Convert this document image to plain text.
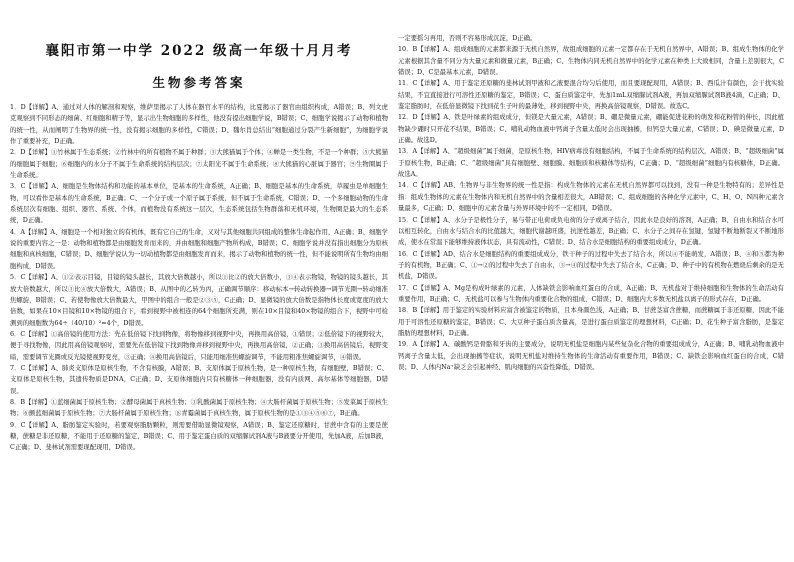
襄阳市第一中学 2022 级高一年级十月月考
生物参考答案

1．D【详解】A、通过对人体的解剖和观察，维萨里揭示了人体在器官水平的结构，比夏揭示了器官由组织构成，A错误；B、列文虎克观察到不同形态的细菌、红细胞和精子等，显示出生物细胞的多样性，他没有提出细胞学说，B错误；C、细胞学说揭示了动物和植物的统一性，从而阐明了生物界的统一性，没有揭示细胞的多样性，C错误；D、魏尔肖总结出“细胞通过分裂产生新细胞”，为细胞学说作了重要补充，D正确。

2．D【详解】①竹林属于生态系统；②竹林中的所有植物不属于种群；③大熊猫属于个体；④蝉是一类生物，不是一个种群；⑤大熊猫的细胞属于细胞；⑥细胞内的水分子不属于生命系统的结构层次；⑦太阳光不属于生命系统；⑧大熊猫的心脏属于器官；⑨生物圈属于生命系统。

3．C【详解】A、细胞是生物体结构和功能的基本单位，是基本的生命系统，A正确；B、细胞是基本的生命系统，草履虫是单细胞生物，可以看作是基本的生命系统，B正确；C、一个分子或一个原子属于系统，但不属于生命系统，C错误；D、一个多细胞动物的生命系统层次有细胞、组织、器官、系统、个体，而植物没有系统这一层次，生态系统包括生物群落和无机环境，生物圈是最大的生态系统，D正确。

4．A【详解】A、细胞是一个相对独立的有机体，既有它自己的生命，又对与其他细胞共同组成的整体生命起作用，A正确；B、细胞学说的重要内容之一是：动物和植物都是由细胞发育而来的，并由细胞和细胞产物所构成，B错误；C、细胞学说并没有指出细胞分为原核细胞和真核细胞，C错误；D、细胞学说认为一切动植物都是由细胞发育而来，揭示了动物和植物的统一性，但不能说明所有生物均由细胞构成，D错误。

5．C【详解】A、①②表示目镜，目镜的镜头越长，其放大倍数越小，所以①比②的放大倍数小，③④表示物镜，物镜的镜头越长，其放大倍数越大，所以③比④放大倍数大，A错误；B、从图中的乙转为丙，正确调节顺序：移动标本→转动转换器→调节光圈→转动细准焦螺旋，B错误；C、若使物像放大倍数最大，甲图中的组合一般是②③⑤，C正确；D、显微镜的放大倍数是指物体长度或宽度的放大倍数，如果在10×目镜和10×物镜的组合下，看到视野中被相连的64个细胞所充满，则在10×目镜和40×物镜的组合下，视野中可检测到的细胞数为64÷（40/10）²=4个，D错误。

6．C【详解】①高倍镜的使用方法：先在低倍镜下找到物像，将物像移到视野中央，再换用高倍镜，①错误；②低倍镜下的视野较大，便于寻找物像，因此用高倍镜观察时，需要先在低倍镜下找到物像并移到视野中央，再换用高倍镜，②正确；③换用高倍镜后，视野变暗，需要调节光圈或反光镜使视野变亮，③正确；④换用高倍镜后，只能用细准焦螺旋调节，不能用粗准焦螺旋调节，④错误。

7．C【详解】A、肺炎支原体是原核生物，不含有核膜，A错误；B、支原体属于原核生物，是一种原核生物，有细胞壁，B错误；C、支原体是原核生物，其遗传物质是DNA，C正确；D、支原体细胞内只有核糖体一种细胞器，没有内质网、高尔基体等细胞器，D错误。

8．B【详解】①蓝细菌属于原核生物；②酵母菌属于真核生物；③乳酸菌属于原核生物；④大肠杆菌属于原核生物；⑤发菜属于原核生物；⑥颤蓝细菌属于原核生物；⑦大肠杆菌属于原核生物；⑧青霉菌属于真核生物，属于原核生物的是①③④⑤⑥⑦，B正确。

9．C【详解】A、脂肪鉴定实验时，若要观察脂肪颗粒，则需要借助显微镜观察，A错误；B、鉴定还原糖时，甘蔗中含有的主要是蔗糖，蔗糖是非还原糖，不能用于还原糖的鉴定，B错误；C、用于鉴定蛋白质的双缩脲试剂A液与B液要分开使用，先加A液，后加B液，C正确；D、斐林试剂需要现配现用，D错误。

一定要摇匀再用，否则不容易形成沉淀，D正确。

10．B【详解】A、组成细胞的元素都来源于无机自然界，故组成细胞的元素一定都存在于无机自然界中，A错误；B、组成生物体的化学元素根据其含量不同分为大量元素和微量元素，B正确；C、生物体内同无机自然界中的化学元素在种类上大致相同，含量上差别很大，C错误；D、C是最基本元素，D错误。

11．C【详解】A、用于鉴定还原糖的斐林试剂甲液和乙液要混合均匀后使用，而且要现配现用，A错误；B、西瓜汁有颜色，会干扰实验结果，不宜直接进行可溶性还原糖的鉴定，B错误；C、蛋白质鉴定中，先加1mL双缩脲试剂A液，再加双缩脲试剂B液4滴，C正确；D、鉴定脂肪时，在低倍显微镜下找到花生子叶的最薄处，移到视野中央，再换高倍镜观察，D错误。故选C。

12．D【详解】A、铁是叶绿素的组成成分，但镁是大量元素，A错误；B、硼是微量元素，硼能促进花粉的萌发和花粉管的伸长，因此植物缺少硼时只开花不结果，B错误；C、哺乳动物血液中钙离子含量太低时会出现抽搐，但钙是大量元素，C错误；D、碘是微量元素，D正确。故选D。

13．A【详解】A、“超级细菌”属于细菌，是原核生物，HIV病毒没有细胞结构，不属于生命系统的结构层次，A错误；B、“超级细菌”属于原核生物，B正确；C、“超级细菌”具有细胞壁、细胞膜、细胞质和核糖体等结构，C正确；D、“超级细菌”细胞内有核糖体，D正确。故选A。

14．C【详解】AB、生物界与非生物界的统一性是指：构成生物体的元素在无机自然界都可以找到，没有一种是生物特有的；差异性是指：组成生物体的元素在生物体内和无机自然界中的含量相差很大，AB错误；C、组成细胞的各种化学元素中，C、H、O、N四种元素含量最多，C正确；D、细胞中的元素含量与外界环境中的不一定相同，D错误。

15．C【详解】A、水分子是极性分子，易与带正电荷或负电荷的分子或离子结合，因此水是良好的溶剂，A正确；B、自由水和结合水可以相互转化，自由水与结合水的比值越大，细胞代谢越旺盛，抗逆性越差，B正确；C、水分子之间存在氢键，氢键不断地断裂又不断地形成，使水在常温下能够维持液体状态，具有流动性，C错误；D、结合水是细胞结构的重要组成成分，D正确。

16．C【详解】AD、结合水是细胞结构的重要组成成分，铁干种子的过程中失去了结合水，所以④不能萌发，A错误；B、④和⑤都为种子的有机物，B正确；C、①→②的过程中失去了自由水，③→④的过程中失去了结合水，C正确；D、种子中的有机物在燃烧后剩余的是无机盐，D错误。

17．C【详解】A、Mg是构成叶绿素的元素，人体缺铁会影响血红蛋白的合成，A正确；B、无机盐对于维持细胞和生物体的生命活动有重要作用，B正确；C、无机盐可以参与生物体内重要化合物的组成，C错误；D、细胞内大多数无机盐以离子的形式存在，D正确。

18．B【详解】用于鉴定的实验材料应富含被鉴定的物质，且本身颜色浅，A正确；B、甘蔗茎富含蔗糖，而蔗糖属于非还原糖，因此不能用于可溶性还原糖的鉴定，B错误；C、大豆种子蛋白质含量高，是进行蛋白质鉴定的理想材料，C正确；D、花生种子富含脂肪，是鉴定脂肪的理想材料，D正确。

19．A【详解】A、碳酸钙是骨骼和牙齿的主要成分，说明无机盐是细胞内某些复杂化合物的重要组成成分，A正确；B、哺乳动物血液中钙离子含量太低，会出现抽搐等症状，说明无机盐对维持生物体的生命活动有重要作用，B错误；C、缺铁会影响血红蛋白的合成，C错误；D、人体内Na⁺缺乏会引起神经、肌肉细胞的兴奋性降低，D错误。
